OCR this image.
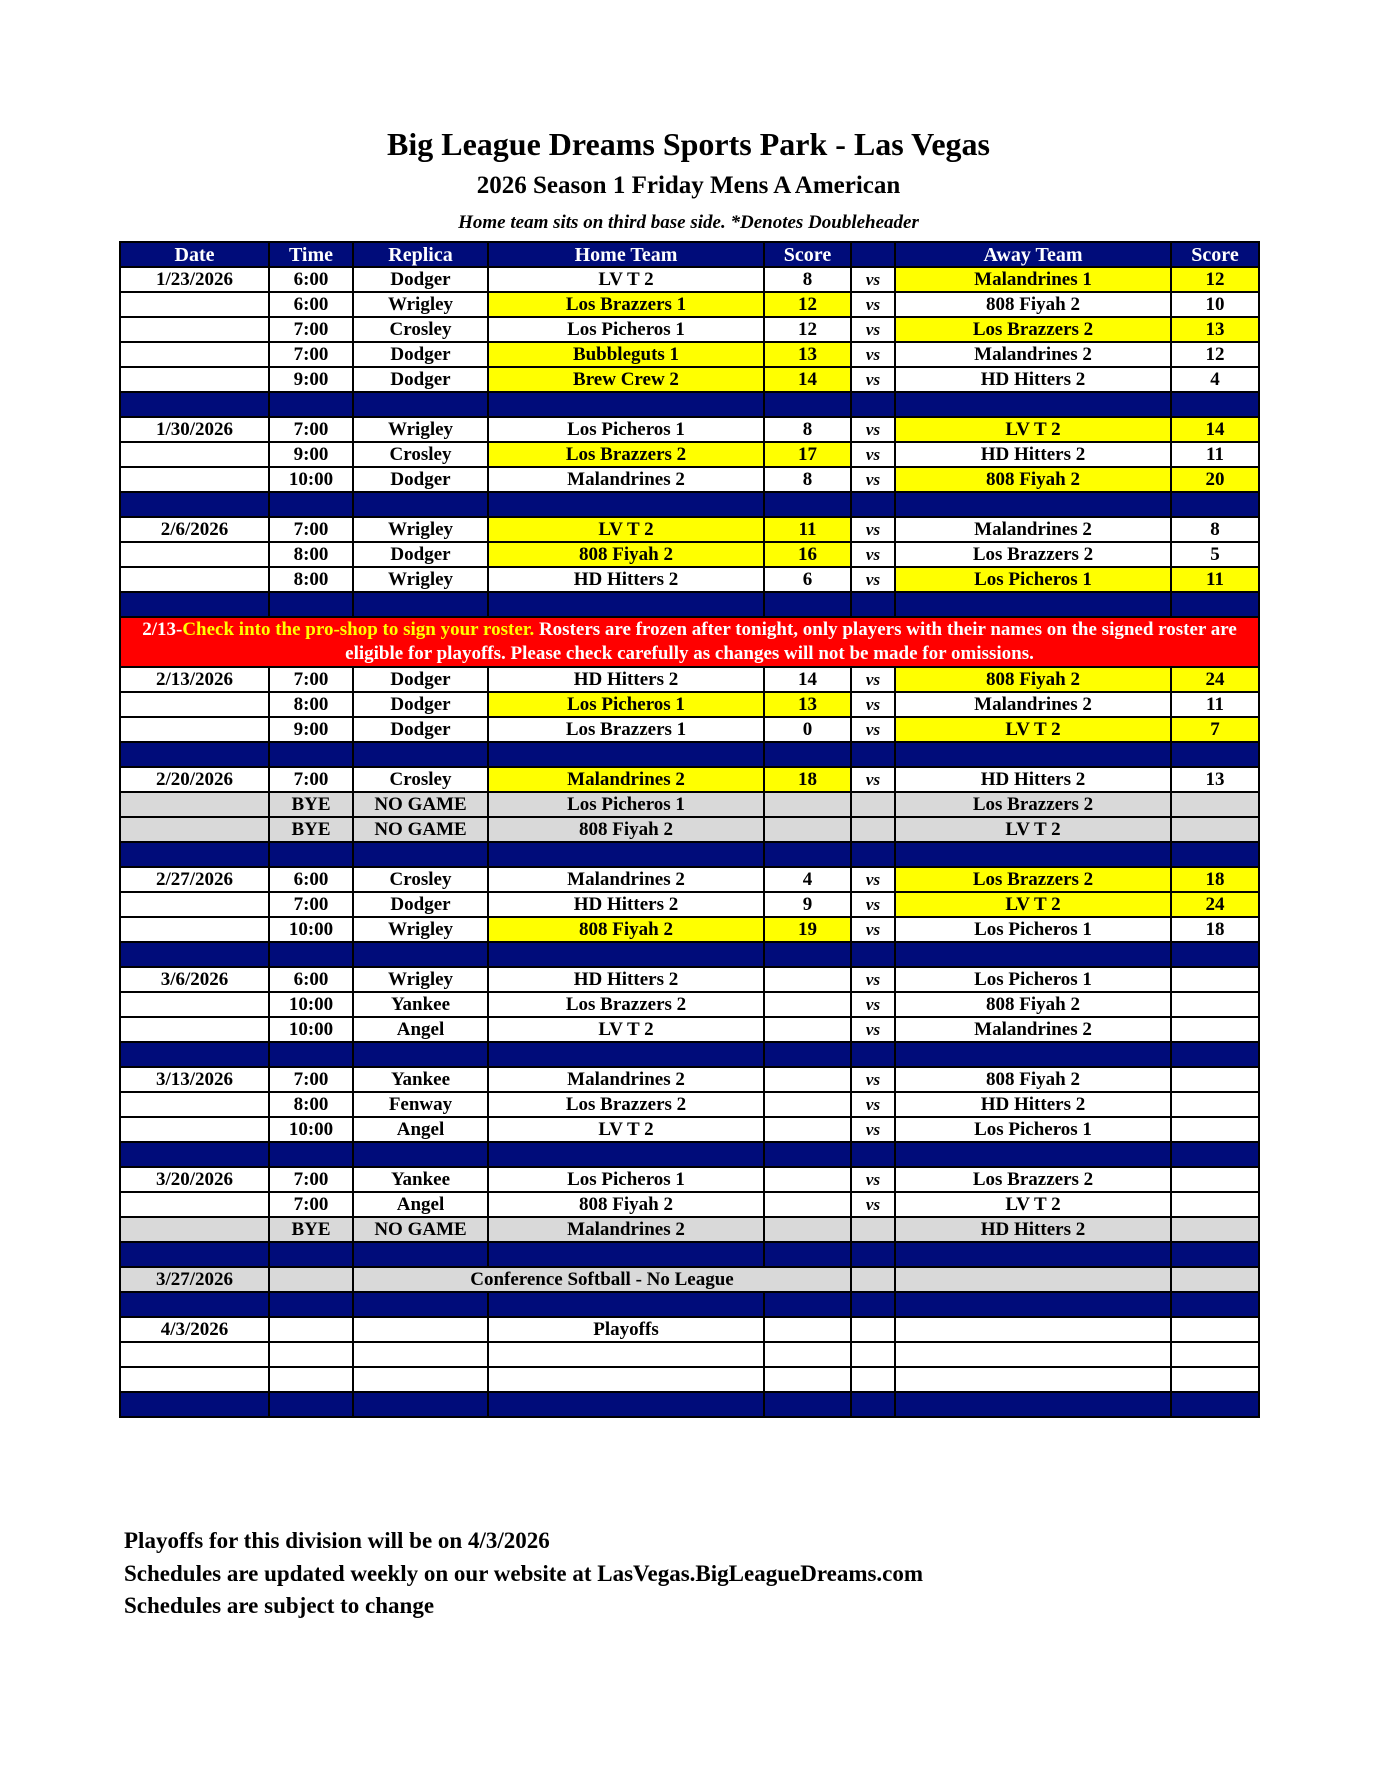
Big League Dreams Sports Park - Las Vegas
2026 Season 1 Friday Mens A American
Home team sits on third base side. *Denotes Doubleheader
Date	Time	Replica	Home Team	Score		Away Team	Score
1/23/2026	6:00	Dodger	LV T 2	8	vs	Malandrines 1	12
	6:00	Wrigley	Los Brazzers 1	12	vs	808 Fiyah 2	10
	7:00	Crosley	Los Picheros 1	12	vs	Los Brazzers 2	13
	7:00	Dodger	Bubbleguts 1	13	vs	Malandrines 2	12
	9:00	Dodger	Brew Crew 2	14	vs	HD Hitters 2	4

1/30/2026	7:00	Wrigley	Los Picheros 1	8	vs	LV T 2	14
	9:00	Crosley	Los Brazzers 2	17	vs	HD Hitters 2	11
	10:00	Dodger	Malandrines 2	8	vs	808 Fiyah 2	20

2/6/2026	7:00	Wrigley	LV T 2	11	vs	Malandrines 2	8
	8:00	Dodger	808 Fiyah 2	16	vs	Los Brazzers 2	5
	8:00	Wrigley	HD Hitters 2	6	vs	Los Picheros 1	11

2/13-Check into the pro-shop to sign your roster. Rosters are frozen after tonight, only players with their names on the signed roster are eligible for playoffs. Please check carefully as changes will not be made for omissions.							
2/13/2026	7:00	Dodger	HD Hitters 2	14	vs	808 Fiyah 2	24
	8:00	Dodger	Los Picheros 1	13	vs	Malandrines 2	11
	9:00	Dodger	Los Brazzers 1	0	vs	LV T 2	7

2/20/2026	7:00	Crosley	Malandrines 2	18	vs	HD Hitters 2	13
	BYE	NO GAME	Los Picheros 1			Los Brazzers 2	
	BYE	NO GAME	808 Fiyah 2			LV T 2	

2/27/2026	6:00	Crosley	Malandrines 2	4	vs	Los Brazzers 2	18
	7:00	Dodger	HD Hitters 2	9	vs	LV T 2	24
	10:00	Wrigley	808 Fiyah 2	19	vs	Los Picheros 1	18

3/6/2026	6:00	Wrigley	HD Hitters 2		vs	Los Picheros 1	
	10:00	Yankee	Los Brazzers 2		vs	808 Fiyah 2	
	10:00	Angel	LV T 2		vs	Malandrines 2	

3/13/2026	7:00	Yankee	Malandrines 2		vs	808 Fiyah 2	
	8:00	Fenway	Los Brazzers 2		vs	HD Hitters 2	
	10:00	Angel	LV T 2		vs	Los Picheros 1	

3/20/2026	7:00	Yankee	Los Picheros 1		vs	Los Brazzers 2	
	7:00	Angel	808 Fiyah 2		vs	LV T 2	
	BYE	NO GAME	Malandrines 2			HD Hitters 2	

3/27/2026		Conference Softball - No League					

4/3/2026			Playoffs				

Playoffs for this division will be on 4/3/2026
Schedules are updated weekly on our website at LasVegas.BigLeagueDreams.com
Schedules are subject to change
